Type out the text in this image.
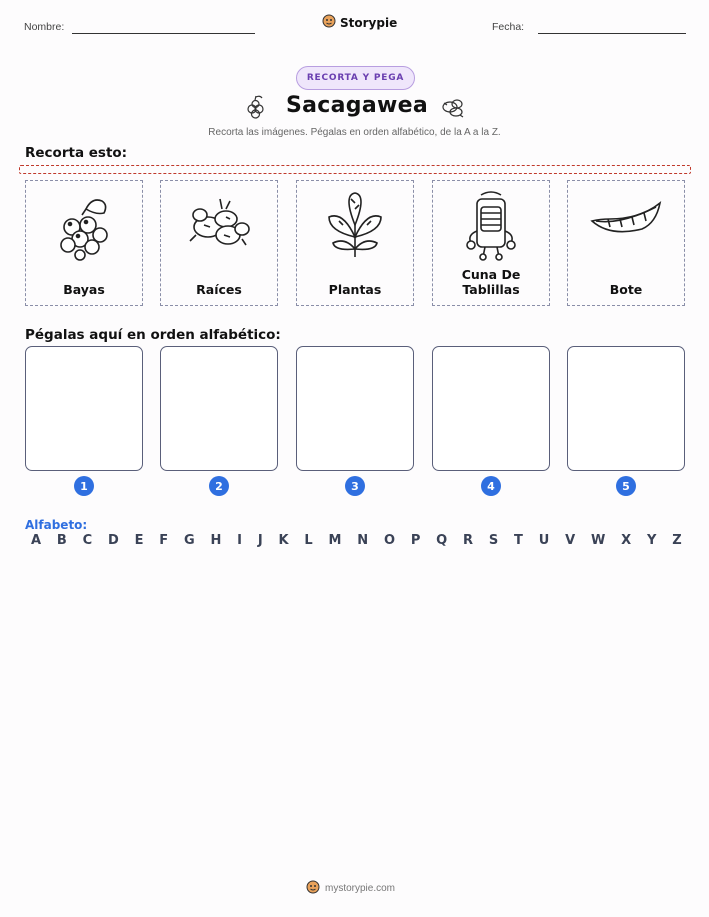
Nombre:	Storypie	Fecha:
RECORTA Y PEGA
Sacagawea
Recorta las imágenes. Pégalas en orden alfabético, de la A a la Z.
Recorta esto:
Bayas	Raíces	Plantas
Cuna De Tablillas	Bote
Pégalas aquí en orden alfabético:
1	2	3	4	5
Alfabeto:
A B C D E F G H I J K L M N O P Q R S T U V W X Y Z
mystorypie.com
